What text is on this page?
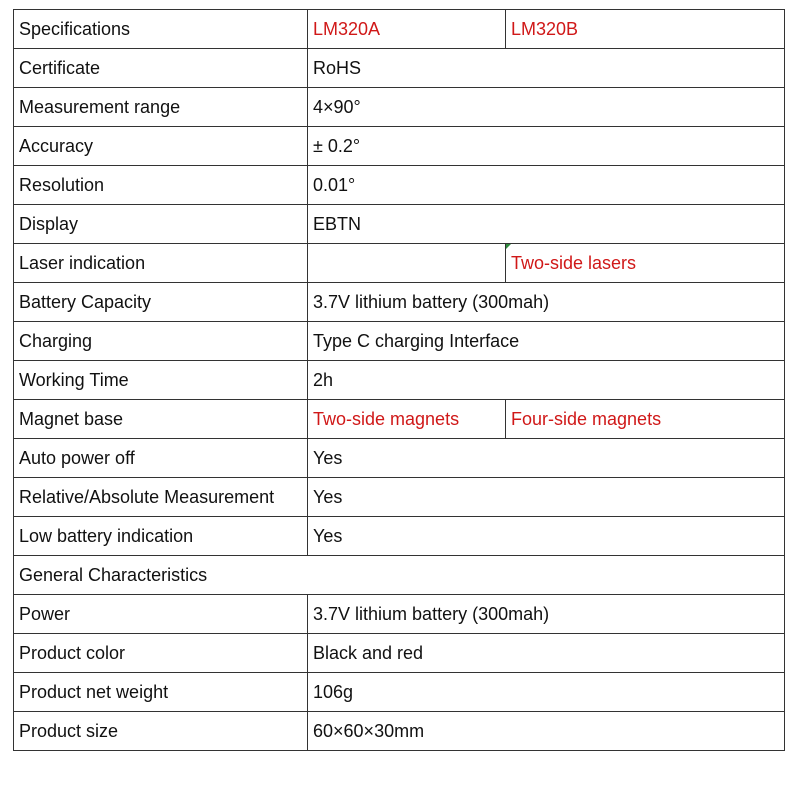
Specifications	LM320A	LM320B
Certificate	RoHS	
Measurement range	4×90°	
Accuracy	± 0.2°	
Resolution	0.01°	
Display	EBTN	
Laser indication		Two-side lasers
Battery Capacity	3.7V lithium battery (300mah)	
Charging	Type C charging Interface	
Working Time	2h	
Magnet base	Two-side magnets	Four-side magnets
Auto power off	Yes	
Relative/Absolute Measurement	Yes	
Low battery indication	Yes	
General Characteristics		
Power	3.7V lithium battery (300mah)	
Product color	Black and red	
Product net weight	106g	
Product size	60×60×30mm	
